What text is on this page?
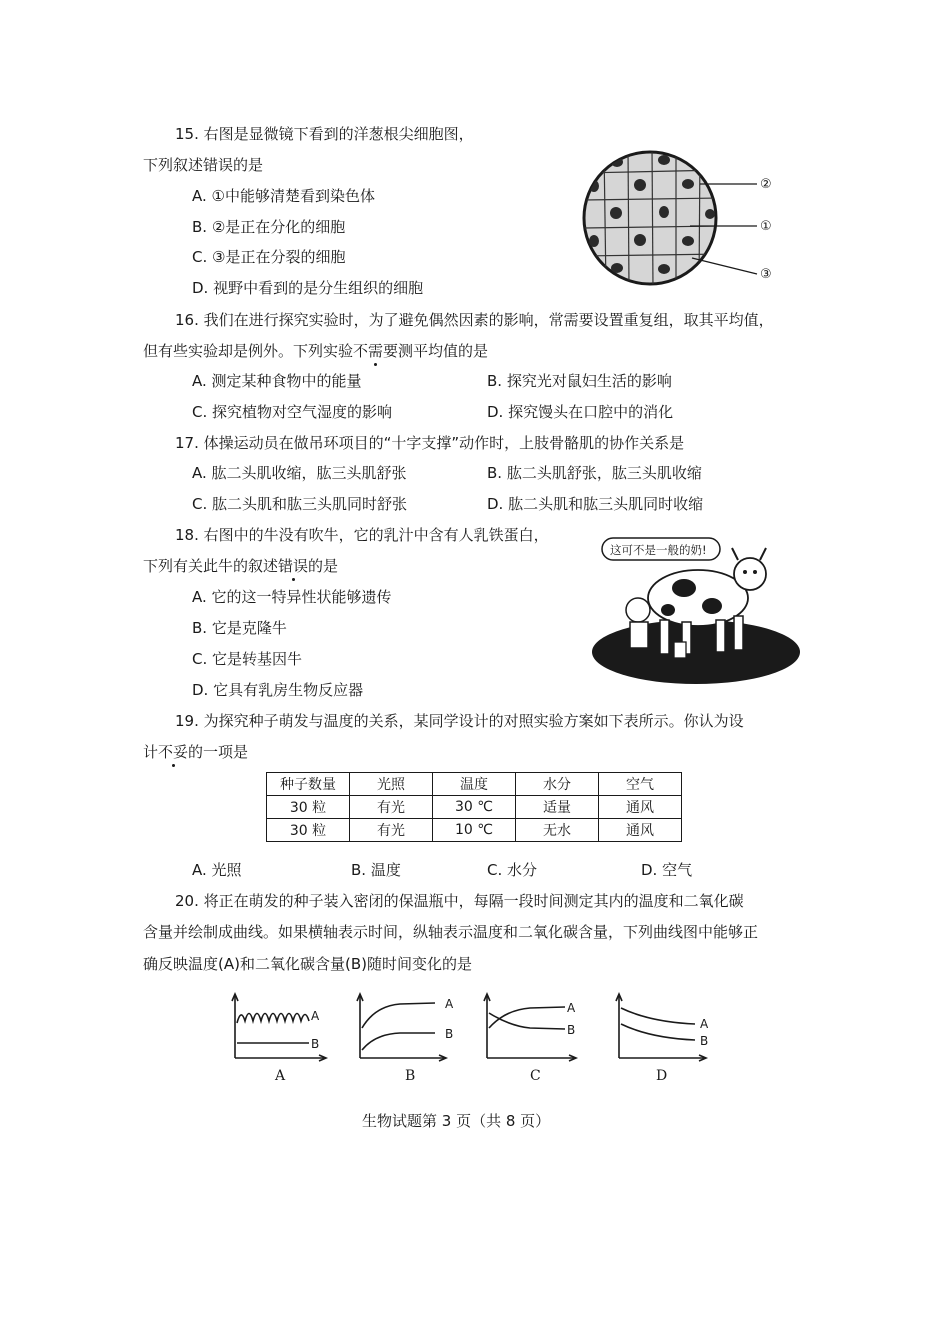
15. 右图是显微镜下看到的洋葱根尖细胞图，
下列叙述错误的是
A. ①中能够清楚看到染色体
B. ②是正在分化的细胞
C. ③是正在分裂的细胞
D. 视野中看到的是分生组织的细胞
②
①
③
16. 我们在进行探究实验时，为了避免偶然因素的影响，常需要设置重复组，取其平均值，
但有些实验却是例外。下列实验不需要测平均值的是
A. 测定某种食物中的能量	B. 探究光对鼠妇生活的影响
C. 探究植物对空气湿度的影响	D. 探究馒头在口腔中的消化
17. 体操运动员在做吊环项目的“十字支撑”动作时，上肢骨骼肌的协作关系是
A. 肱二头肌收缩，肱三头肌舒张	B. 肱二头肌舒张，肱三头肌收缩
C. 肱二头肌和肱三头肌同时舒张	D. 肱二头肌和肱三头肌同时收缩
18. 右图中的牛没有吹牛，它的乳汁中含有人乳铁蛋白，
下列有关此牛的叙述错误的是
A. 它的这一特异性状能够遗传
B. 它是克隆牛
C. 它是转基因牛
D. 它具有乳房生物反应器
这可不是一般的奶!
19. 为探究种子萌发与温度的关系，某同学设计的对照实验方案如下表所示。你认为设
计不妥的一项是
种子数量	光照	温度	水分	空气
30 粒	有光	30 ℃	适量	通风
30 粒	有光	10 ℃	无水	通风
A. 光照	B. 温度	C. 水分	D. 空气
20. 将正在萌发的种子装入密闭的保温瓶中，每隔一段时间测定其内的温度和二氧化碳
含量并绘制成曲线。如果横轴表示时间，纵轴表示温度和二氧化碳含量，下列曲线图中能够正
确反映温度(A)和二氧化碳含量(B)随时间变化的是
A
B
A
B
A
B	A
B
A	B	C	D
生物试题第 3 页（共 8 页）
